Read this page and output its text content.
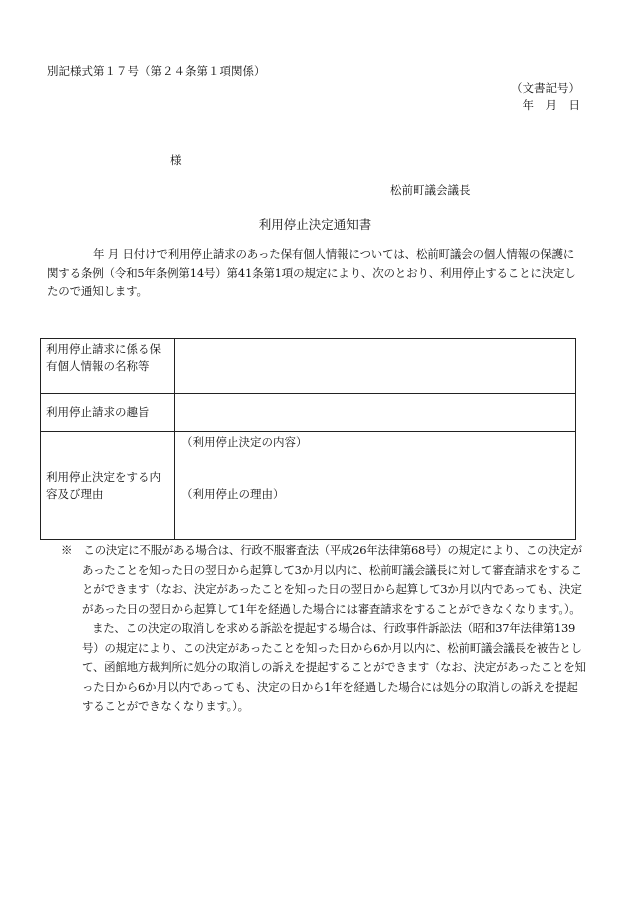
別記様式第１７号（第２４条第１項関係）
（文書記号）
年　月　日
様
松前町議会議長
利用停止決定通知書

年 月 日付けで利用停止請求のあった保有個人情報については、松前町議会の個人情報の保護に関する条例（令和5年条例第14号）第41条第1項の規定により、次のとおり、利用停止することに決定したので通知します。

利用停止請求に係る保有個人情報の名称等	
利用停止請求の趣旨	
利用停止決定をする内容及び理由	（利用停止決定の内容）
（利用停止の理由）

※　この決定に不服がある場合は、行政不服審査法（平成26年法律第68号）の規定により、この決定があったことを知った日の翌日から起算して3か月以内に、松前町議会議長に対して審査請求をすることができます（なお、決定があったことを知った日の翌日から起算して3か月以内であっても、決定があった日の翌日から起算して1年を経過した場合には審査請求をすることができなくなります。）。

また、この決定の取消しを求める訴訟を提起する場合は、行政事件訴訟法（昭和37年法律第139号）の規定により、この決定があったことを知った日から6か月以内に、松前町議会議長を被告として、函館地方裁判所に処分の取消しの訴えを提起することができます（なお、決定があったことを知った日から6か月以内であっても、決定の日から1年を経過した場合には処分の取消しの訴えを提起することができなくなります。）。
